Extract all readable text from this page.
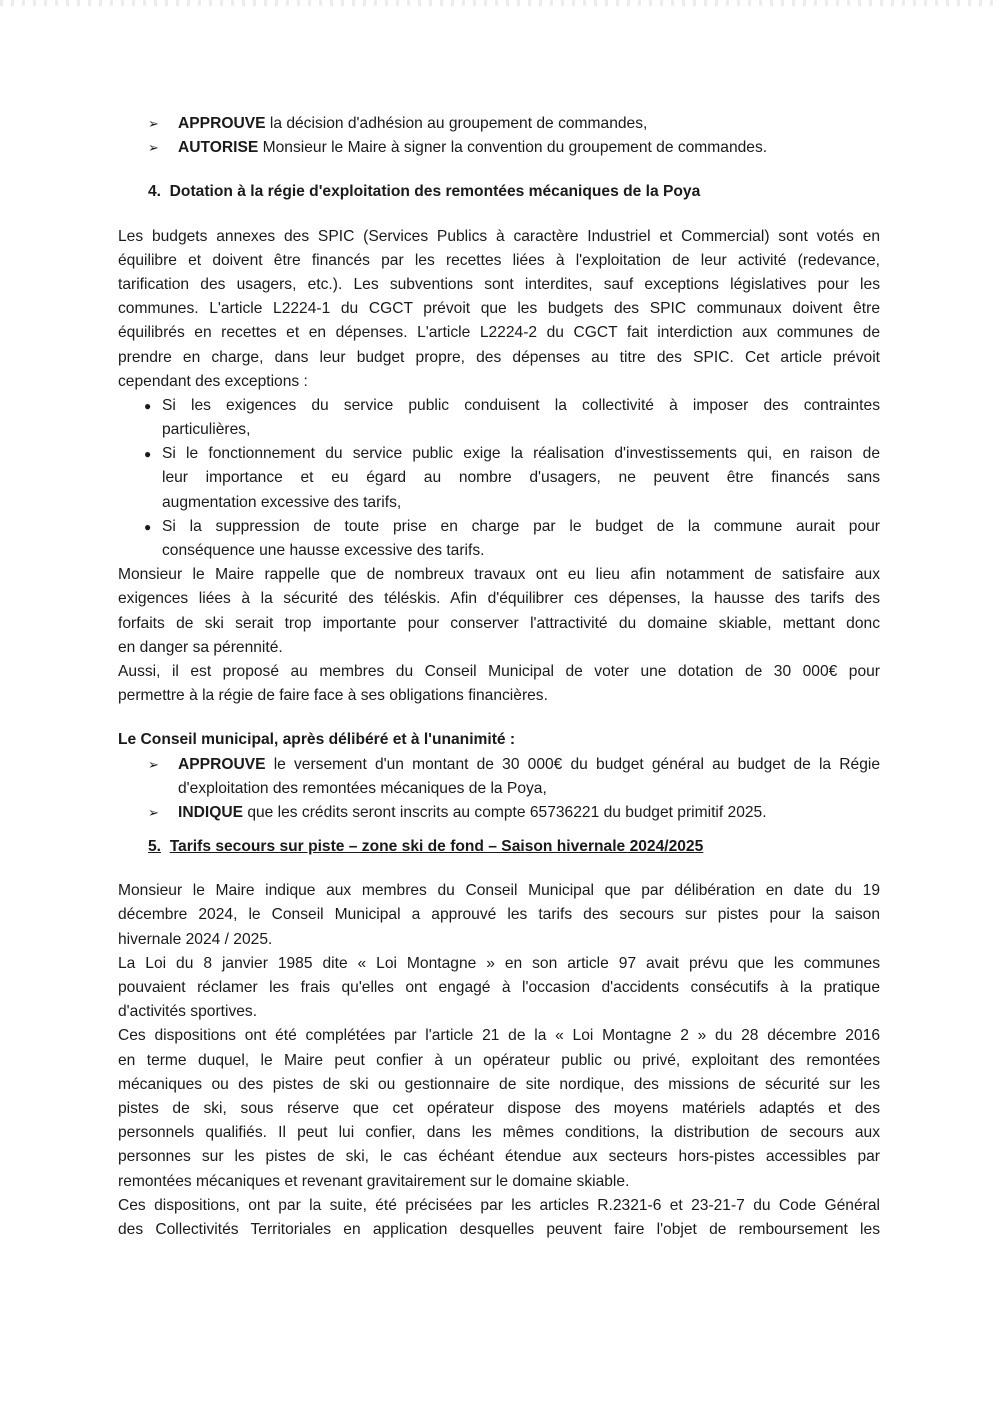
➢ APPROUVE la décision d'adhésion au groupement de commandes,
➢ AUTORISE Monsieur le Maire à signer la convention du groupement de commandes.
4.  Dotation à la régie d'exploitation des remontées mécaniques de la Poya
Les budgets annexes des SPIC (Services Publics à caractère Industriel et Commercial) sont votés en
équilibre et doivent être financés par les recettes liées à l'exploitation de leur activité (redevance,
tarification des usagers, etc.). Les subventions sont interdites, sauf exceptions législatives pour les
communes. L'article L2224-1 du CGCT prévoit que les budgets des SPIC communaux doivent être
équilibrés en recettes et en dépenses. L'article L2224-2 du CGCT fait interdiction aux communes de
prendre en charge, dans leur budget propre, des dépenses au titre des SPIC. Cet article prévoit
cependant des exceptions :
● Si les exigences du service public conduisent la collectivité à imposer des contraintes
particulières,
● Si le fonctionnement du service public exige la réalisation d'investissements qui, en raison de
leur importance et eu égard au nombre d'usagers, ne peuvent être financés sans
augmentation excessive des tarifs,
● Si la suppression de toute prise en charge par le budget de la commune aurait pour
conséquence une hausse excessive des tarifs.
Monsieur le Maire rappelle que de nombreux travaux ont eu lieu afin notamment de satisfaire aux
exigences liées à la sécurité des téléskis. Afin d'équilibrer ces dépenses, la hausse des tarifs des
forfaits de ski serait trop importante pour conserver l'attractivité du domaine skiable, mettant donc
en danger sa pérennité.
Aussi, il est proposé au membres du Conseil Municipal de voter une dotation de 30 000€ pour
permettre à la régie de faire face à ses obligations financières.
Le Conseil municipal, après délibéré et à l'unanimité :
➢ APPROUVE le versement d'un montant de 30 000€ du budget général au budget de la Régie
d'exploitation des remontées mécaniques de la Poya,
➢ INDIQUE que les crédits seront inscrits au compte 65736221 du budget primitif 2025.
5. Tarifs secours sur piste – zone ski de fond – Saison hivernale 2024/2025
Monsieur le Maire indique aux membres du Conseil Municipal que par délibération en date du 19
décembre 2024, le Conseil Municipal a approuvé les tarifs des secours sur pistes pour la saison
hivernale 2024 / 2025.
La Loi du 8 janvier 1985 dite « Loi Montagne » en son article 97 avait prévu que les communes
pouvaient réclamer les frais qu'elles ont engagé à l'occasion d'accidents consécutifs à la pratique
d'activités sportives.
Ces dispositions ont été complétées par l'article 21 de la « Loi Montagne 2 » du 28 décembre 2016
en terme duquel, le Maire peut confier à un opérateur public ou privé, exploitant des remontées
mécaniques ou des pistes de ski ou gestionnaire de site nordique, des missions de sécurité sur les
pistes de ski, sous réserve que cet opérateur dispose des moyens matériels adaptés et des
personnels qualifiés. Il peut lui confier, dans les mêmes conditions, la distribution de secours aux
personnes sur les pistes de ski, le cas échéant étendue aux secteurs hors-pistes accessibles par
remontées mécaniques et revenant gravitairement sur le domaine skiable.
Ces dispositions, ont par la suite, été précisées par les articles R.2321-6 et 23-21-7 du Code Général
des Collectivités Territoriales en application desquelles peuvent faire l'objet de remboursement les
